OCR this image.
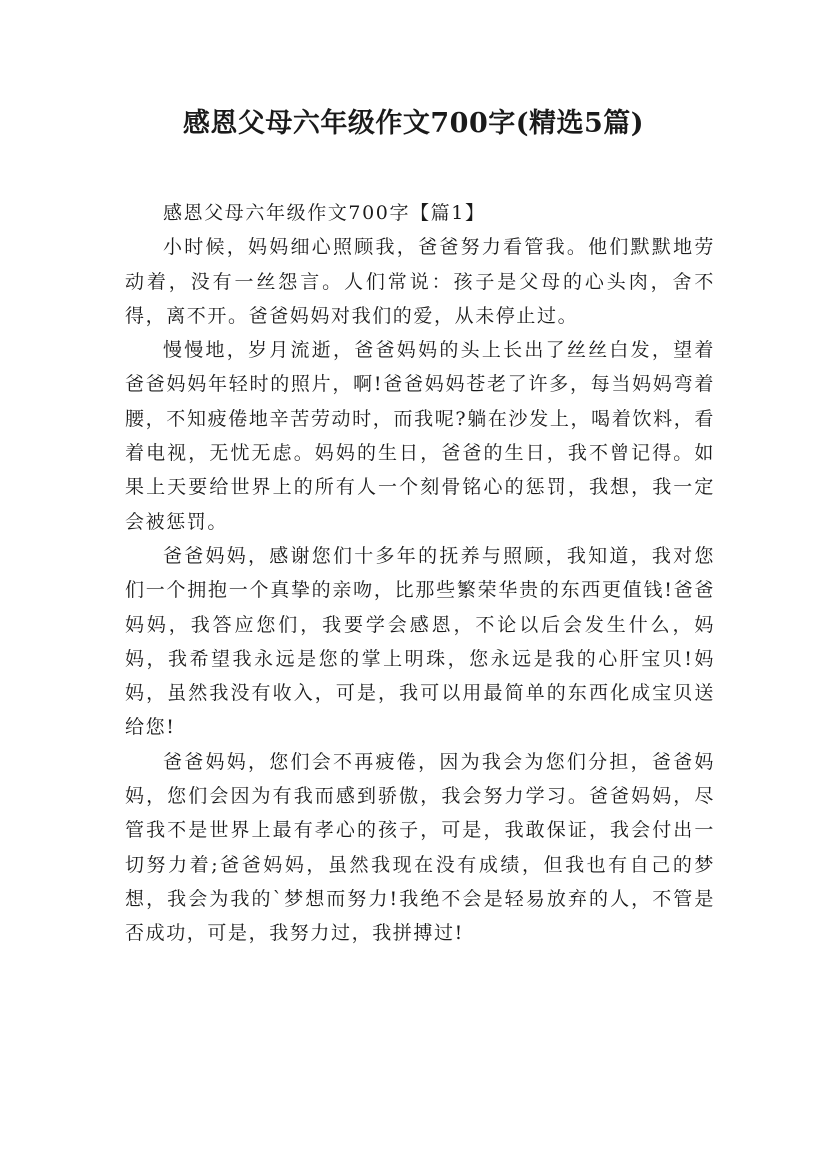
感恩父母六年级作文700字(精选5篇)

感恩父母六年级作文700字【篇1】

小时候，妈妈细心照顾我，爸爸努力看管我。他们默默地劳动着，没有一丝怨言。人们常说：孩子是父母的心头肉，舍不得，离不开。爸爸妈妈对我们的爱，从未停止过。

慢慢地，岁月流逝，爸爸妈妈的头上长出了丝丝白发，望着爸爸妈妈年轻时的照片，啊!爸爸妈妈苍老了许多，每当妈妈弯着腰，不知疲倦地辛苦劳动时，而我呢?躺在沙发上，喝着饮料，看着电视，无忧无虑。妈妈的生日，爸爸的生日，我不曾记得。如果上天要给世界上的所有人一个刻骨铭心的惩罚，我想，我一定会被惩罚。

爸爸妈妈，感谢您们十多年的抚养与照顾，我知道，我对您们一个拥抱一个真挚的亲吻，比那些繁荣华贵的东西更值钱!爸爸妈妈，我答应您们，我要学会感恩，不论以后会发生什么，妈妈，我希望我永远是您的掌上明珠，您永远是我的心肝宝贝!妈妈，虽然我没有收入，可是，我可以用最简单的东西化成宝贝送给您!

爸爸妈妈，您们会不再疲倦，因为我会为您们分担，爸爸妈妈，您们会因为有我而感到骄傲，我会努力学习。爸爸妈妈，尽管我不是世界上最有孝心的孩子，可是，我敢保证，我会付出一切努力着;爸爸妈妈，虽然我现在没有成绩，但我也有自己的梦想，我会为我的`梦想而努力!我绝不会是轻易放弃的人，不管是否成功，可是，我努力过，我拼搏过!
